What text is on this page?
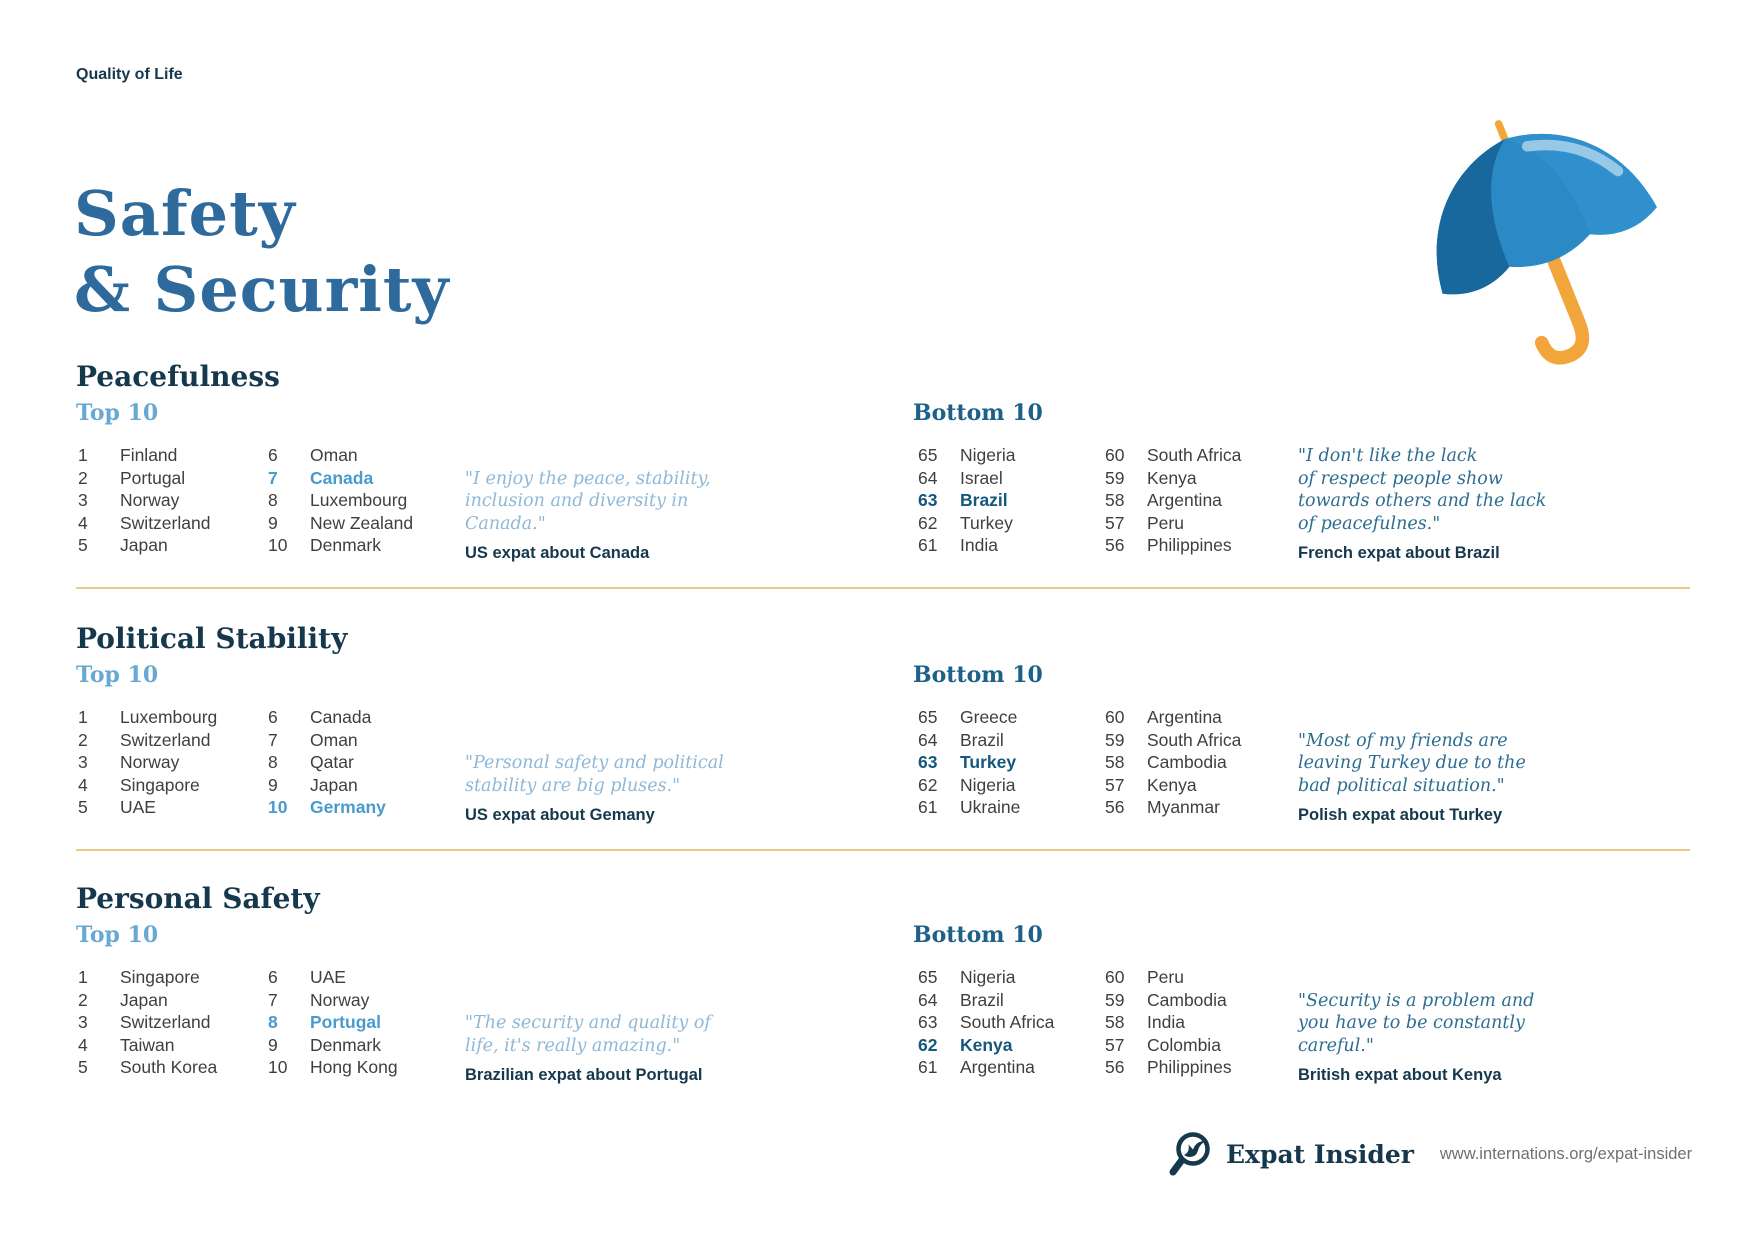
Quality of Life
Safety
& Security
Peacefulness
Top 10	Bottom 10
1	Finland
2	Portugal
3	Norway
4	Switzerland
5	Japan
6	Oman
7	Canada
8	Luxembourg
9	New Zealand
10	Denmark
"I enjoy the peace, stability,
inclusion and diversity in
Canada."
US expat about Canada
65	Nigeria
64	Israel
63	Brazil
62	Turkey
61	India
60	South Africa
59	Kenya
58	Argentina
57	Peru
56	Philippines
"I don't like the lack
of respect people show
towards others and the lack
of peacefulnes."
French expat about Brazil
Political Stability
Top 10	Bottom 10
1	Luxembourg
2	Switzerland
3	Norway
4	Singapore
5	UAE
6	Canada
7	Oman
8	Qatar
9	Japan
10	Germany
"Personal safety and political
stability are big pluses."
US expat about Gemany
65	Greece
64	Brazil
63	Turkey
62	Nigeria
61	Ukraine
60	Argentina
59	South Africa
58	Cambodia
57	Kenya
56	Myanmar
"Most of my friends are
leaving Turkey due to the
bad political situation."
Polish expat about Turkey
Personal Safety
Top 10	Bottom 10
1	Singapore
2	Japan
3	Switzerland
4	Taiwan
5	South Korea
6	UAE
7	Norway
8	Portugal
9	Denmark
10	Hong Kong
"The security and quality of
life, it's really amazing."
Brazilian expat about Portugal
65	Nigeria
64	Brazil
63	South Africa
62	Kenya
61	Argentina
60	Peru
59	Cambodia
58	India
57	Colombia
56	Philippines
"Security is a problem and
you have to be constantly
careful."
British expat about Kenya
Expat Insider www.internations.org/expat-insider
